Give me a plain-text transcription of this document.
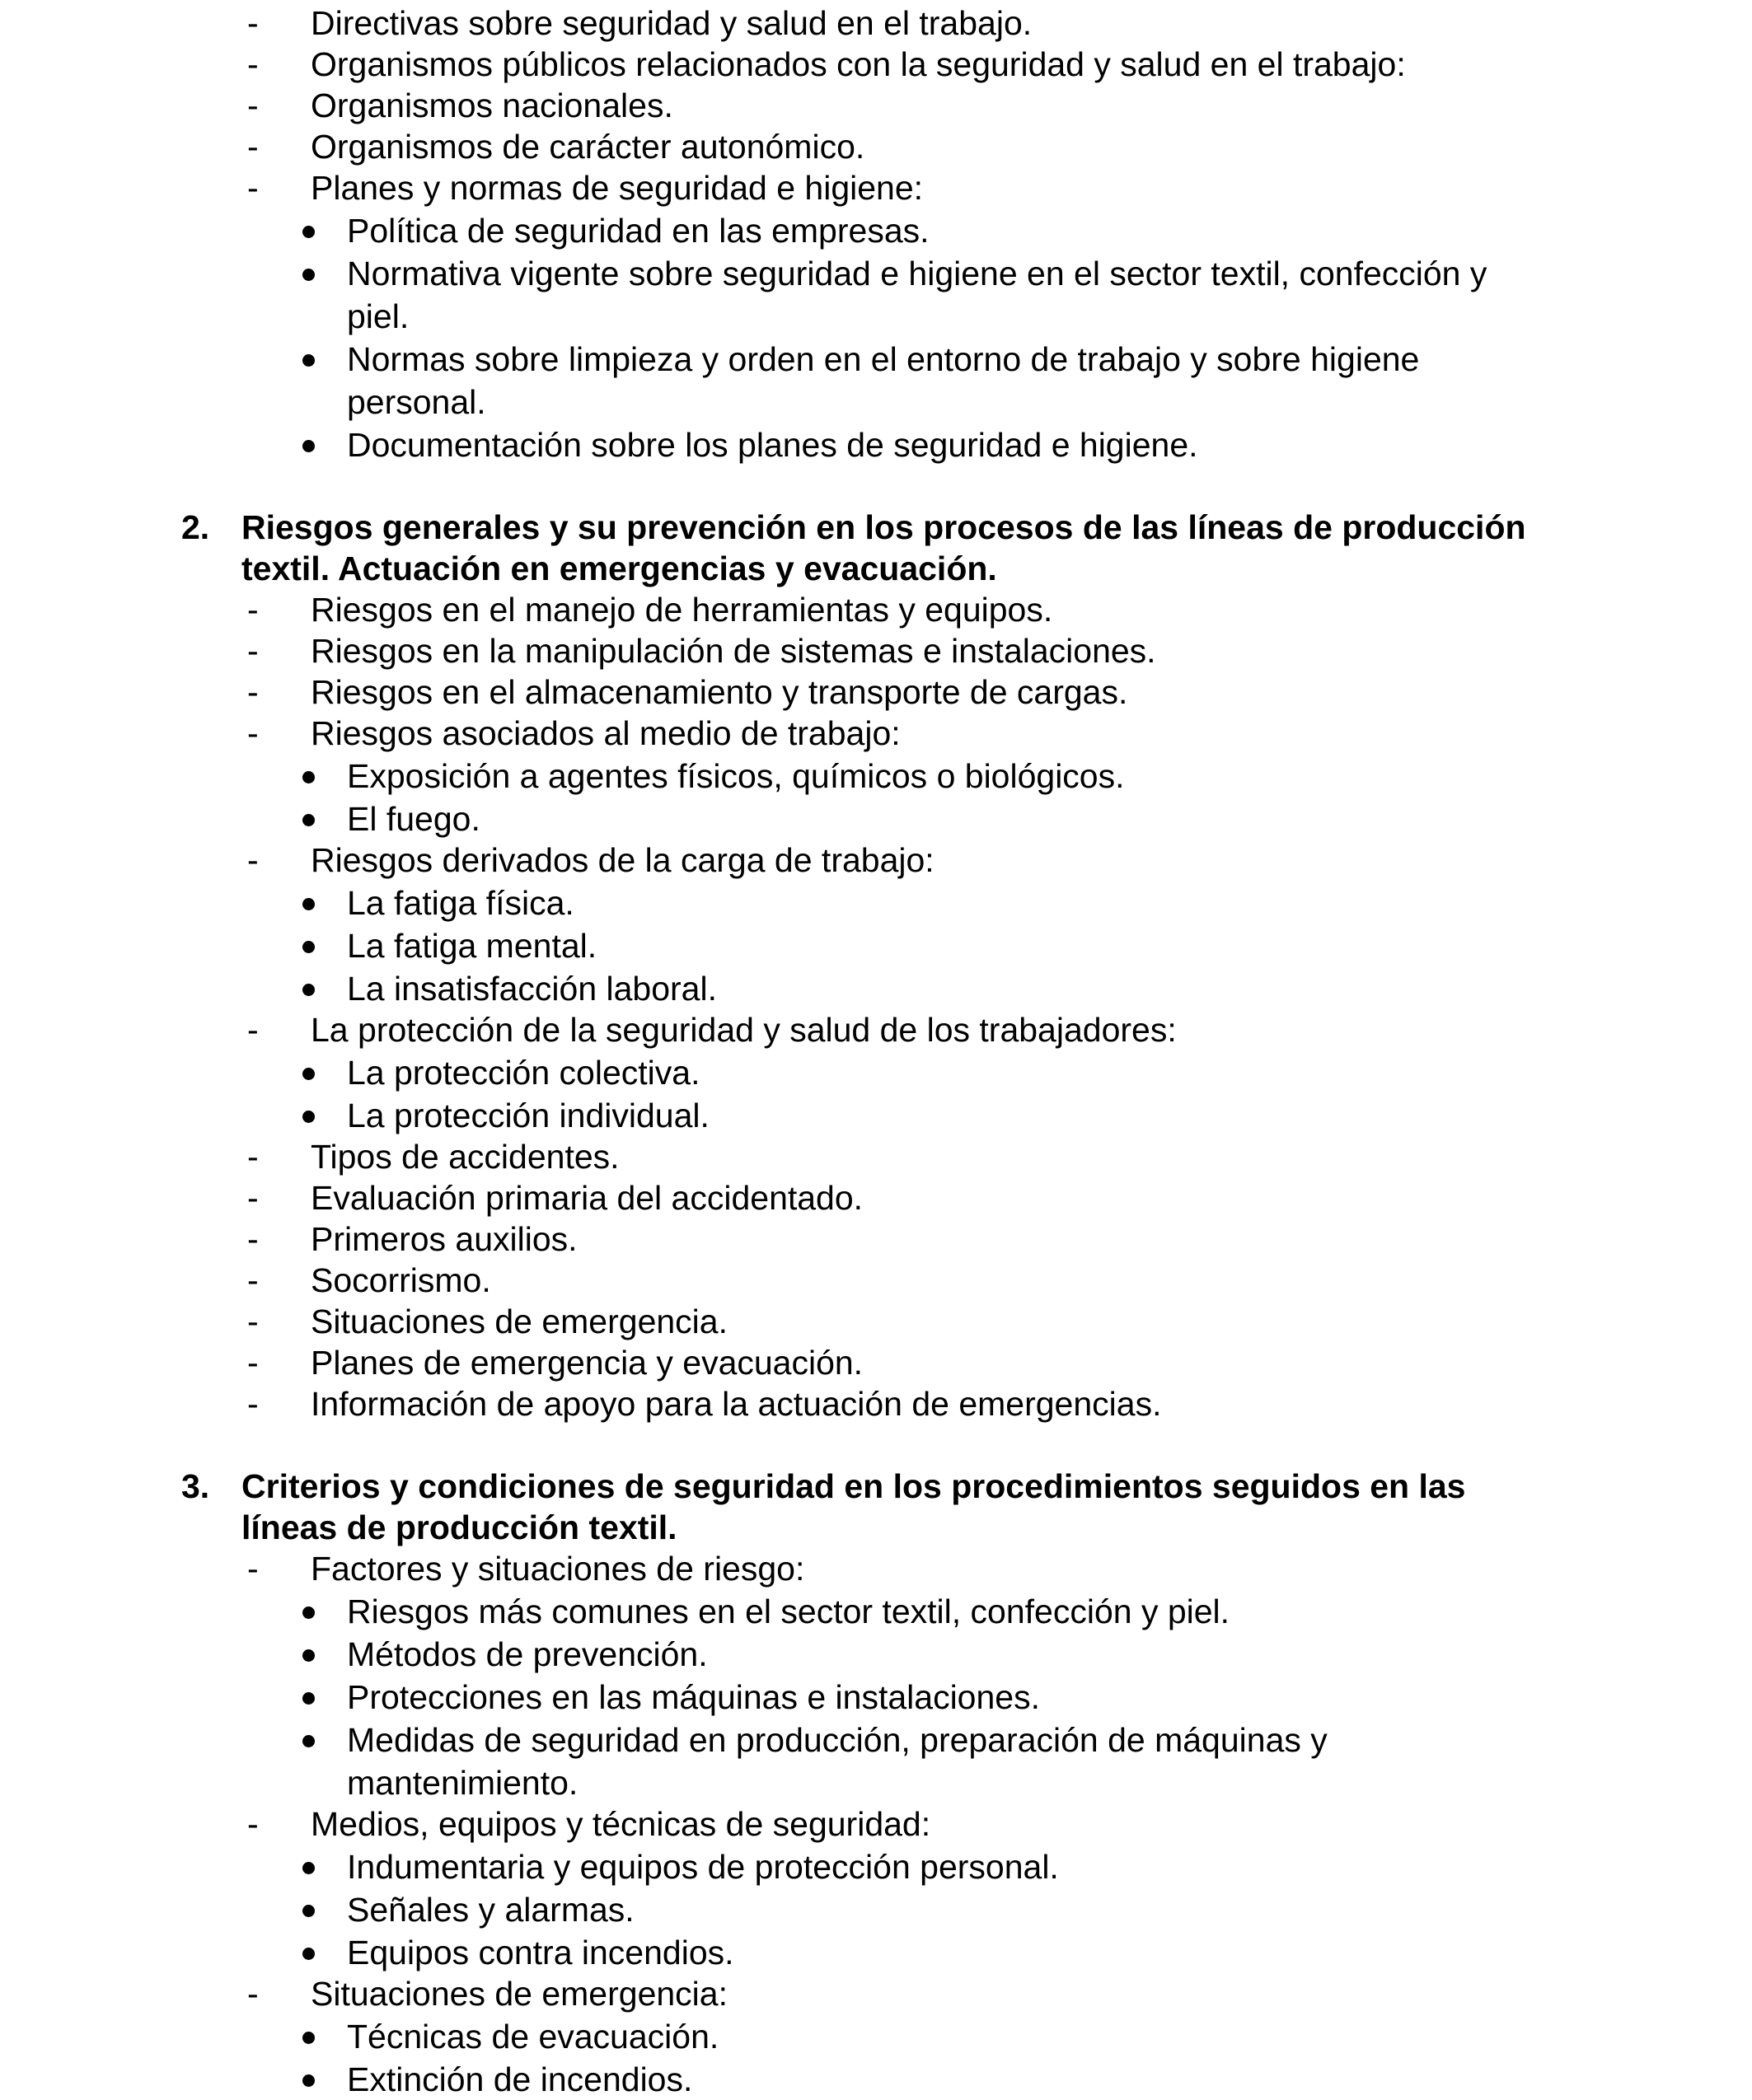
- Directivas sobre seguridad y salud en el trabajo.
- Organismos públicos relacionados con la seguridad y salud en el trabajo:
- Organismos nacionales.
- Organismos de carácter autonómico.
- Planes y normas de seguridad e higiene:
Política de seguridad en las empresas.
Normativa vigente sobre seguridad e higiene en el sector textil, confección y
piel.
Normas sobre limpieza y orden en el entorno de trabajo y sobre higiene
personal.
Documentación sobre los planes de seguridad e higiene.
2. Riesgos generales y su prevención en los procesos de las líneas de producción
textil. Actuación en emergencias y evacuación.
- Riesgos en el manejo de herramientas y equipos.
- Riesgos en la manipulación de sistemas e instalaciones.
- Riesgos en el almacenamiento y transporte de cargas.
- Riesgos asociados al medio de trabajo:
Exposición a agentes físicos, químicos o biológicos.
El fuego.
- Riesgos derivados de la carga de trabajo:
La fatiga física.
La fatiga mental.
La insatisfacción laboral.
- La protección de la seguridad y salud de los trabajadores:
La protección colectiva.
La protección individual.
- Tipos de accidentes.
- Evaluación primaria del accidentado.
- Primeros auxilios.
- Socorrismo.
- Situaciones de emergencia.
- Planes de emergencia y evacuación.
- Información de apoyo para la actuación de emergencias.
3. Criterios y condiciones de seguridad en los procedimientos seguidos en las
líneas de producción textil.
- Factores y situaciones de riesgo:
Riesgos más comunes en el sector textil, confección y piel.
Métodos de prevención.
Protecciones en las máquinas e instalaciones.
Medidas de seguridad en producción, preparación de máquinas y
mantenimiento.
- Medios, equipos y técnicas de seguridad:
Indumentaria y equipos de protección personal.
Señales y alarmas.
Equipos contra incendios.
- Situaciones de emergencia:
Técnicas de evacuación.
Extinción de incendios.
